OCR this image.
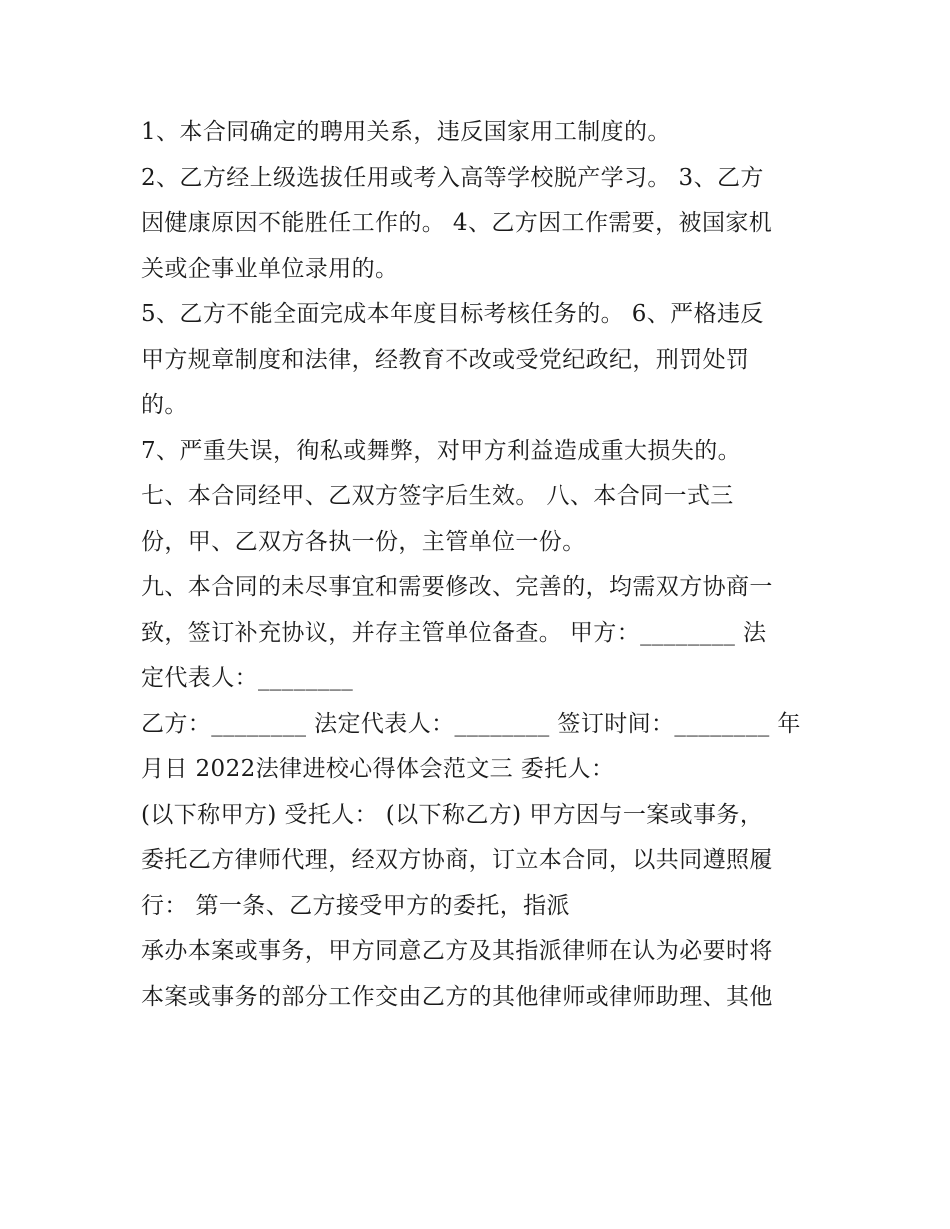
1、本合同确定的聘用关系，违反国家用工制度的。
2、乙方经上级选拔任用或考入高等学校脱产学习。 3、乙方
因健康原因不能胜任工作的。 4、乙方因工作需要，被国家机
关或企事业单位录用的。
5、乙方不能全面完成本年度目标考核任务的。 6、严格违反
甲方规章制度和法律，经教育不改或受党纪政纪，刑罚处罚
的。
7、严重失误，徇私或舞弊，对甲方利益造成重大损失的。
七、本合同经甲、乙双方签字后生效。 八、本合同一式三
份，甲、乙双方各执一份，主管单位一份。
九、本合同的未尽事宜和需要修改、完善的，均需双方协商一
致，签订补充协议，并存主管单位备查。 甲方：________ 法
定代表人：________
乙方：________ 法定代表人：________ 签订时间：________ 年
月日 2022法律进校心得体会范文三 委托人：
(以下称甲方) 受托人： (以下称乙方) 甲方因与一案或事务，
委托乙方律师代理，经双方协商，订立本合同，以共同遵照履
行： 第一条、乙方接受甲方的委托，指派
承办本案或事务，甲方同意乙方及其指派律师在认为必要时将
本案或事务的部分工作交由乙方的其他律师或律师助理、其他
